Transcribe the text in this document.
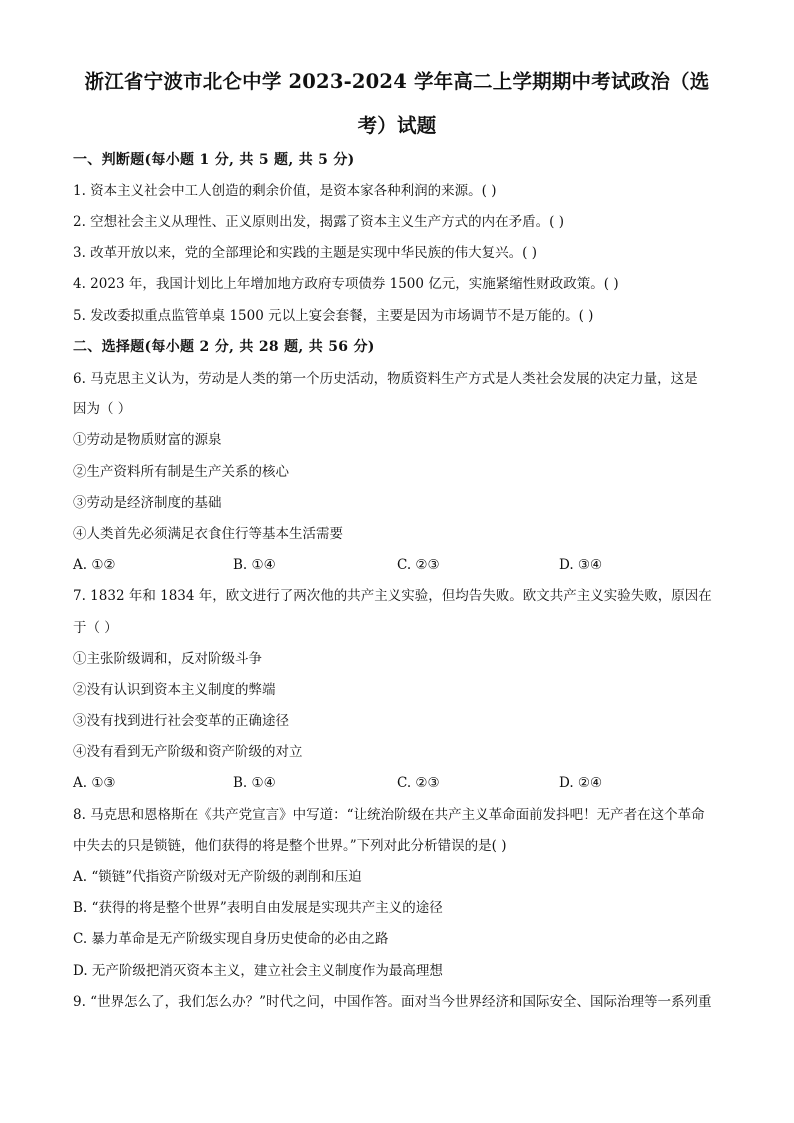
浙江省宁波市北仑中学 2023-2024 学年高二上学期期中考试政治（选
考）试题
一、判断题(每小题 1 分, 共 5 题, 共 5 分)
1. 资本主义社会中工人创造的剩余价值，是资本家各种利润的来源。( )
2. 空想社会主义从理性、正义原则出发，揭露了资本主义生产方式的内在矛盾。( )
3. 改革开放以来，党的全部理论和实践的主题是实现中华民族的伟大复兴。( )
4. 2023 年，我国计划比上年增加地方政府专项债券 1500 亿元，实施紧缩性财政政策。( )
5. 发改委拟重点监管单桌 1500 元以上宴会套餐，主要是因为市场调节不是万能的。( )
二、选择题(每小题 2 分, 共 28 题, 共 56 分)
6. 马克思主义认为，劳动是人类的第一个历史活动，物质资料生产方式是人类社会发展的决定力量，这是
因为（ ）
①劳动是物质财富的源泉
②生产资料所有制是生产关系的核心
③劳动是经济制度的基础
④人类首先必须满足衣食住行等基本生活需要
A. ①②	B. ①④	C. ②③	D. ③④
7. 1832 年和 1834 年，欧文进行了两次他的共产主义实验，但均告失败。欧文共产主义实验失败，原因在
于（ ）
①主张阶级调和，反对阶级斗争
②没有认识到资本主义制度的弊端
③没有找到进行社会变革的正确途径
④没有看到无产阶级和资产阶级的对立
A. ①③	B. ①④	C. ②③	D. ②④
8. 马克思和恩格斯在《共产党宣言》中写道：“让统治阶级在共产主义革命面前发抖吧！无产者在这个革命
中失去的只是锁链，他们获得的将是整个世界。”下列对此分析错误的是( )
A. “锁链”代指资产阶级对无产阶级的剥削和压迫
B. “获得的将是整个世界”表明自由发展是实现共产主义的途径
C. 暴力革命是无产阶级实现自身历史使命的必由之路
D. 无产阶级把消灭资本主义，建立社会主义制度作为最高理想
9. “世界怎么了，我们怎么办？”时代之问，中国作答。面对当今世界经济和国际安全、国际治理等一系列重
